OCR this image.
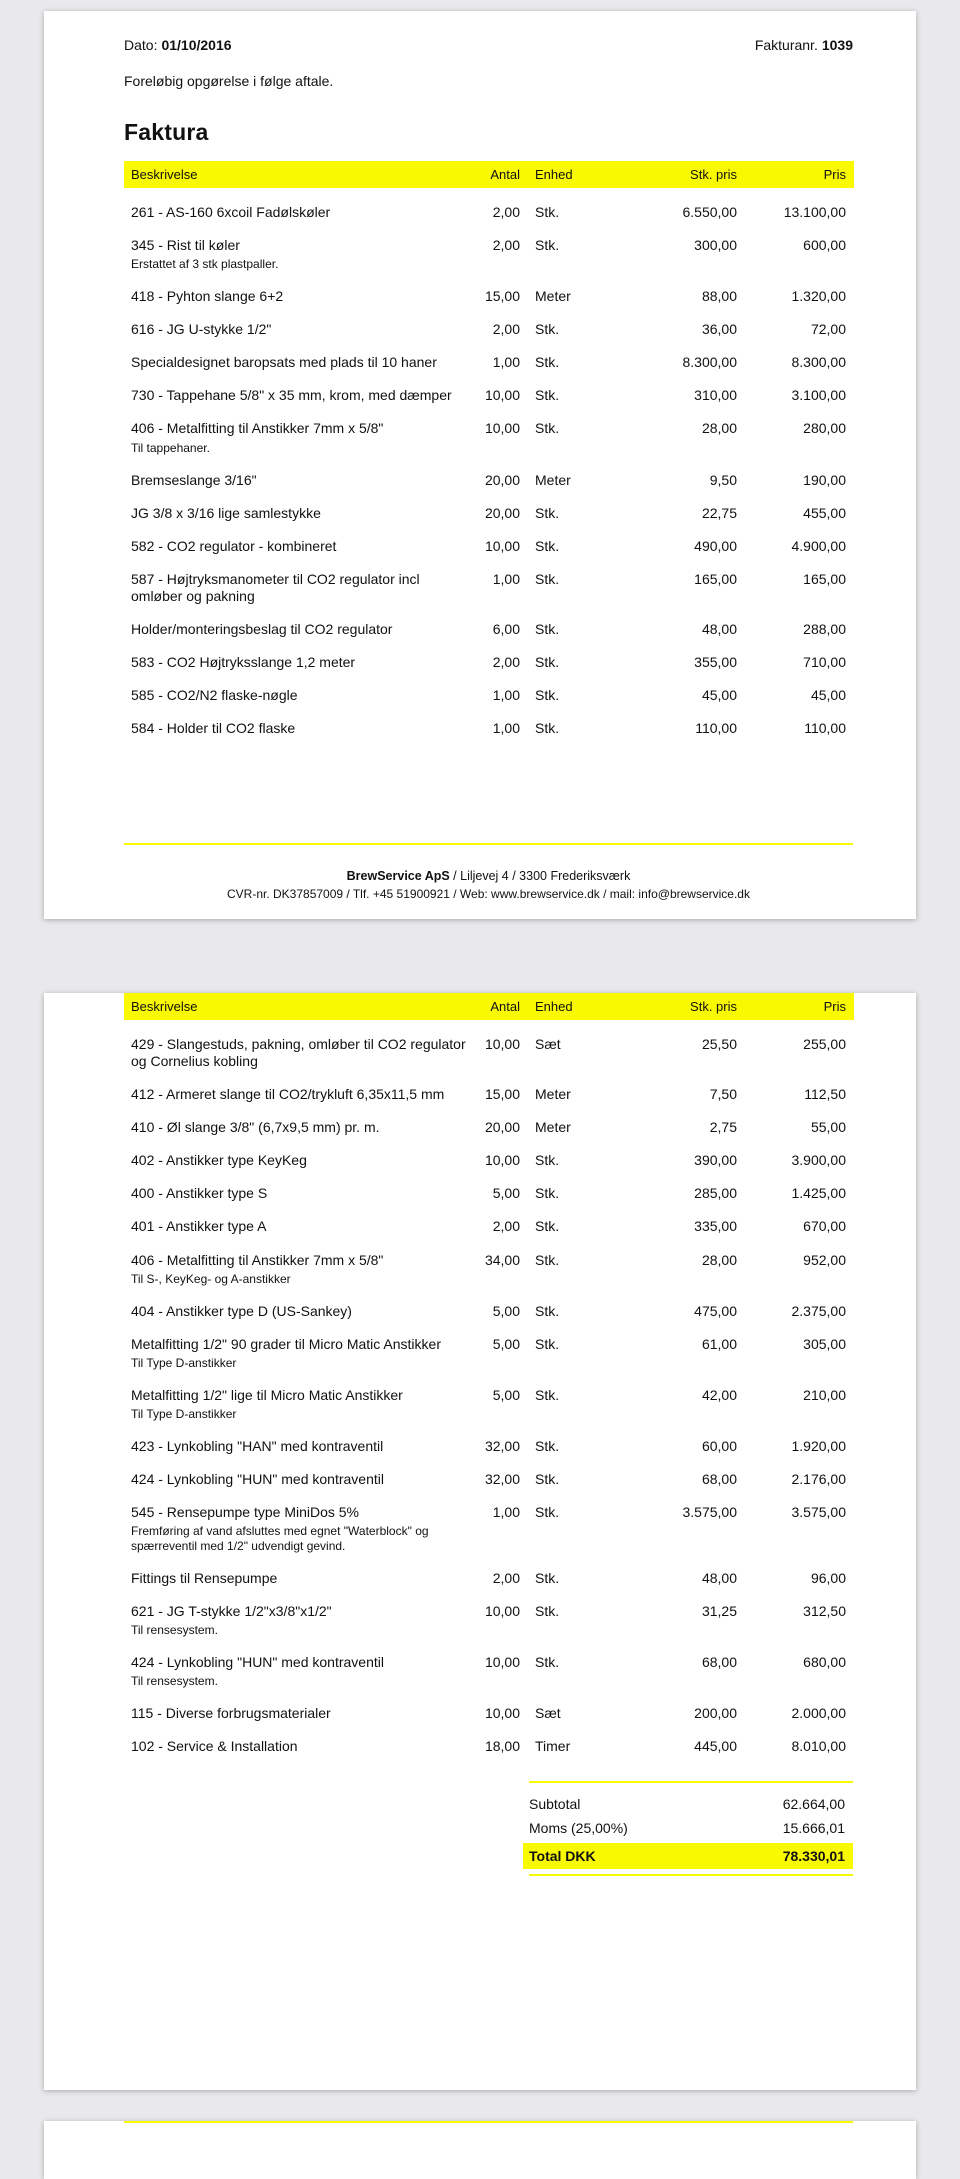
Dato: 01/10/2016	Fakturanr. 1039

Foreløbig opgørelse i følge aftale.

Faktura
Beskrivelse	Antal	Enhed	Stk. pris	Pris

261 - AS-160 6xcoil Fadølskøler	2,00	Stk.	6.550,00	13.100,00

345 - Rist til køler
Erstattet af 3 stk plastpaller.	2,00	Stk.	300,00	600,00

418 - Pyhton slange 6+2	15,00	Meter	88,00	1.320,00

616 - JG U-stykke 1/2"	2,00	Stk.	36,00	72,00

Specialdesignet baropsats med plads til 10 haner	1,00	Stk.	8.300,00	8.300,00

730 - Tappehane 5/8" x 35 mm, krom, med dæmper	10,00	Stk.	310,00	3.100,00

406 - Metalfitting til Anstikker 7mm x 5/8"
Til tappehaner.	10,00	Stk.	28,00	280,00

Bremseslange 3/16"	20,00	Meter	9,50	190,00

JG 3/8 x 3/16 lige samlestykke	20,00	Stk.	22,75	455,00

582 - CO2 regulator - kombineret	10,00	Stk.	490,00	4.900,00

587 - Højtryksmanometer til CO2 regulator incl omløber og pakning	1,00	Stk.	165,00	165,00

Holder/monteringsbeslag til CO2 regulator	6,00	Stk.	48,00	288,00

583 - CO2 Højtryksslange 1,2 meter	2,00	Stk.	355,00	710,00

585 - CO2/N2 flaske-nøgle	1,00	Stk.	45,00	45,00

584 - Holder til CO2 flaske	1,00	Stk.	110,00	110,00
BrewService ApS / Liljevej 4 / 3300 Frederiksværk
CVR-nr. DK37857009 / Tlf. +45 51900921 / Web: www.brewservice.dk / mail: info@brewservice.dk
Beskrivelse	Antal	Enhed	Stk. pris	Pris

429 - Slangestuds, pakning, omløber til CO2 regulator og Cornelius kobling	10,00	Sæt	25,50	255,00

412 - Armeret slange til CO2/trykluft 6,35x11,5 mm	15,00	Meter	7,50	112,50

410 - Øl slange 3/8" (6,7x9,5 mm) pr. m.	20,00	Meter	2,75	55,00

402 - Anstikker type KeyKeg	10,00	Stk.	390,00	3.900,00

400 - Anstikker type S	5,00	Stk.	285,00	1.425,00

401 - Anstikker type A	2,00	Stk.	335,00	670,00

406 - Metalfitting til Anstikker 7mm x 5/8"
Til S-, KeyKeg- og A-anstikker	34,00	Stk.	28,00	952,00

404 - Anstikker type D (US-Sankey)	5,00	Stk.	475,00	2.375,00

Metalfitting 1/2" 90 grader til Micro Matic Anstikker
Til Type D-anstikker	5,00	Stk.	61,00	305,00

Metalfitting 1/2" lige til Micro Matic Anstikker
Til Type D-anstikker	5,00	Stk.	42,00	210,00

423 - Lynkobling "HAN" med kontraventil	32,00	Stk.	60,00	1.920,00

424 - Lynkobling "HUN" med kontraventil	32,00	Stk.	68,00	2.176,00

545 - Rensepumpe type MiniDos 5%
Fremføring af vand afsluttes med egnet "Waterblock" og spærreventil med 1/2" udvendigt gevind.	1,00	Stk.	3.575,00	3.575,00

Fittings til Rensepumpe	2,00	Stk.	48,00	96,00

621 - JG T-stykke 1/2"x3/8"x1/2"
Til rensesystem.	10,00	Stk.	31,25	312,50

424 - Lynkobling "HUN" med kontraventil
Til rensesystem.	10,00	Stk.	68,00	680,00

115 - Diverse forbrugsmaterialer	10,00	Sæt	200,00	2.000,00

102 - Service & Installation	18,00	Timer	445,00	8.010,00
Subtotal	62.664,00
Moms (25,00%)	15.666,01
Total DKK	78.330,01
